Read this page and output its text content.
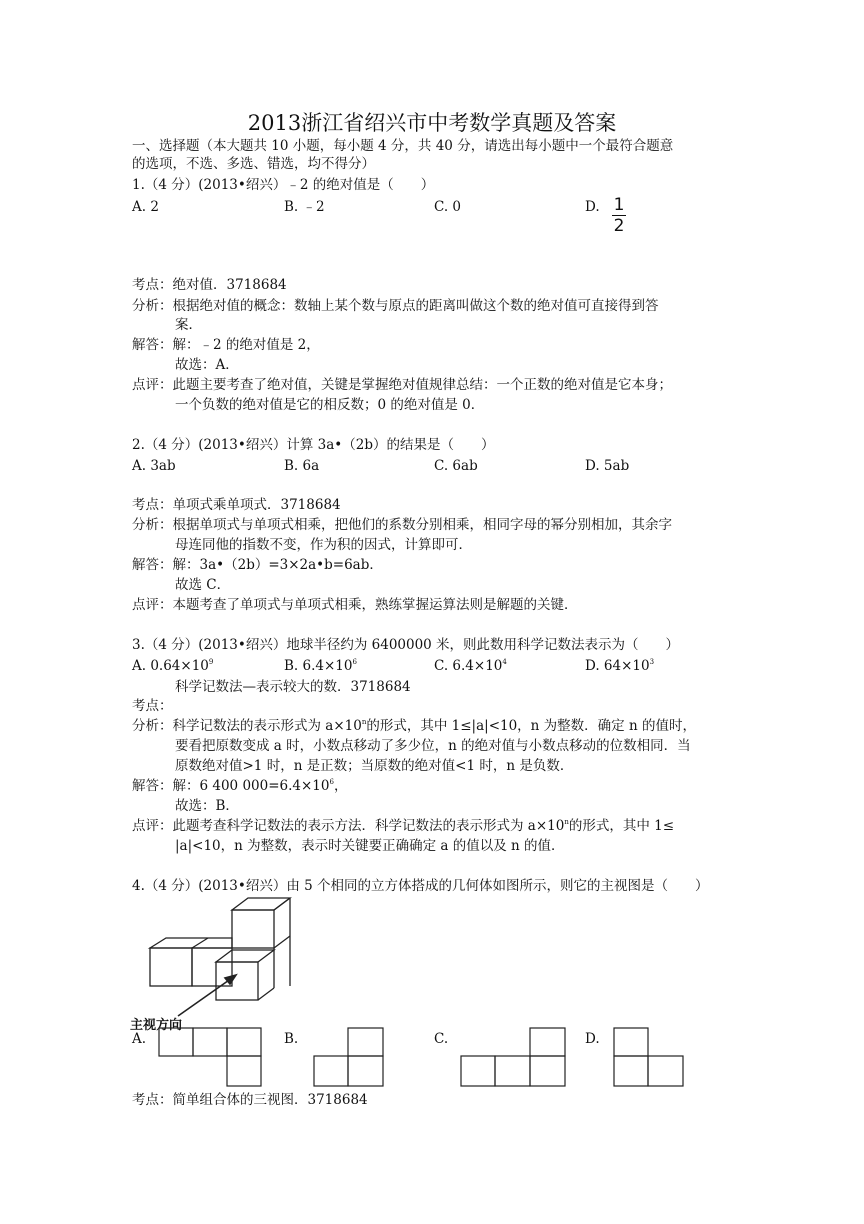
2013浙江省绍兴市中考数学真题及答案
一、选择题（本大题共 10 小题，每小题 4 分，共 40 分，请选出每小题中一个最符合题意
的选项，不选、多选、错选，均不得分）
1.（4 分）(2013•绍兴）﹣2 的绝对值是（　　）
A. 2	B. ﹣2	C. 0	D. 1
2
考点：绝对值．3718684
分析：根据绝对值的概念：数轴上某个数与原点的距离叫做这个数的绝对值可直接得到答
案．
解答：解：﹣2 的绝对值是 2，
故选：A．
点评：此题主要考查了绝对值，关键是掌握绝对值规律总结：一个正数的绝对值是它本身；
一个负数的绝对值是它的相反数；0 的绝对值是 0．
2.（4 分）(2013•绍兴）计算 3a•（2b）的结果是（　　）
A. 3ab	B. 6a	C. 6ab	D. 5ab
考点：单项式乘单项式．3718684
分析：根据单项式与单项式相乘，把他们的系数分别相乘，相同字母的幂分别相加，其余字
母连同他的指数不变，作为积的因式，计算即可．
解答：解：3a•（2b）=3×2a•b=6ab．
故选 C．
点评：本题考查了单项式与单项式相乘，熟练掌握运算法则是解题的关键．
3.（4 分）(2013•绍兴）地球半径约为 6400000 米，则此数用科学记数法表示为（　　）
A. $0.64\times 10^9$	B. $6.4\times 10^6$	C. $6.4\times 10^4$	D. $64\times 10^3$
科学记数法—表示较大的数．3718684
考点：
分析：科学记数法的表示形式为 $a\times 10^n$的形式，其中 1≤|a|<10，n 为整数．确定 n 的值时，
要看把原数变成 a 时，小数点移动了多少位，n 的绝对值与小数点移动的位数相同．当
原数绝对值>1 时，n 是正数；当原数的绝对值<1 时，n 是负数．
解答：解：6 400 $000=6.4\times 10^6$，
故选：B．
点评：此题考查科学记数法的表示方法．科学记数法的表示形式为 $a\times 10^n$的形式，其中 1≤
|a|<10，n 为整数，表示时关键要正确确定 a 的值以及 n 的值．
4.（4 分）(2013•绍兴）由 5 个相同的立方体搭成的几何体如图所示，则它的主视图是（　　）
主视方向
A.	B.	C.	D.
考点：简单组合体的三视图．3718684
